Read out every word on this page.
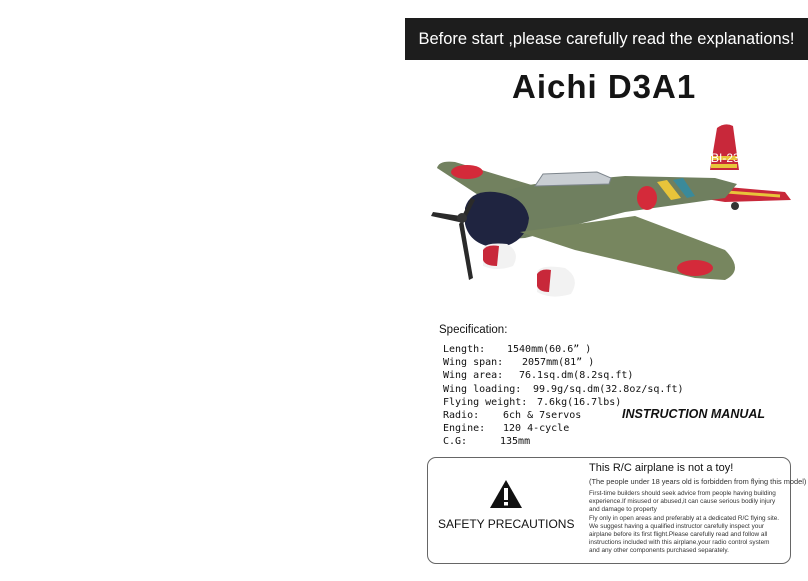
Before start ,please carefully read the explanations!
Aichi D3A1
BI-231
Specification:
Length:	1540mm(60.6” )
Wing span:	2057mm(81” )
Wing area:	76.1sq.dm(8.2sq.ft)
Wing loading:	99.9g/sq.dm(32.8oz/sq.ft)
Flying weight: 7.6kg(16.7lbs)
Radio:	6ch & 7servos
Engine:	120 4-cycle
C.G:	135mm
INSTRUCTION MANUAL
SAFETY PRECAUTIONS
This R/C airplane is not a toy!
(The people under 18 years old is forbidden from flying this model)
First-time builders should seek advice from people having building
experience.If misused or abused,it can cause serious bodily injury
and damage to property
Fly only in open areas and preferably at a dedicated R/C flying site.
We suggest having a qualified instructor carefully inspect your
airplane before its first flight.Please carefully read and follow all
instructions included with this airplane,your radio control system
and any other components purchased separately.
